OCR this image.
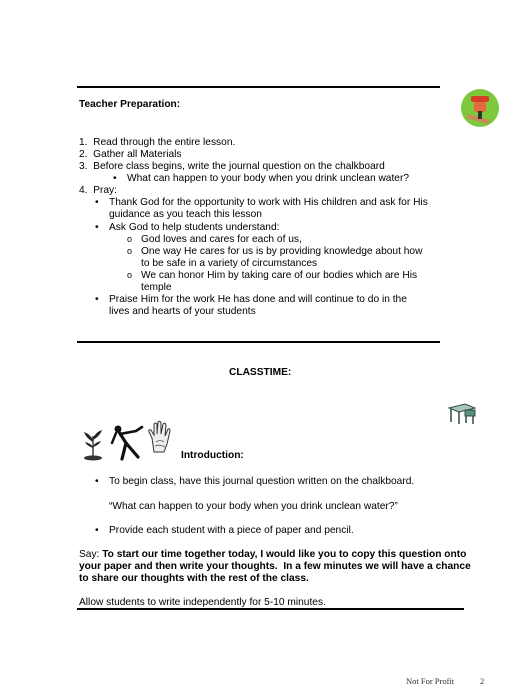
Teacher Preparation:
1.  Read through the entire lesson.
2.  Gather all Materials
3.  Before class begins, write the journal question on the chalkboard
• What can happen to your body when you drink unclean water?
4.  Pray:
• Thank God for the opportunity to work with His children and ask for His
guidance as you teach this lesson
• Ask God to help students understand:
o God loves and cares for each of us,
o One way He cares for us is by providing knowledge about how
to be safe in a variety of circumstances
o We can honor Him by taking care of our bodies which are His
temple
• Praise Him for the work He has done and will continue to do in the
lives and hearts of your students
CLASSTIME:
Introduction:
• To begin class, have this journal question written on the chalkboard.
“What can happen to your body when you drink unclean water?”
• Provide each student with a piece of paper and pencil.
Say: To start our time together today, I would like you to copy this question onto
your paper and then write your thoughts.  In a few minutes we will have a chance
to share our thoughts with the rest of the class.
Allow students to write independently for 5-10 minutes.
Not For Profit	2
